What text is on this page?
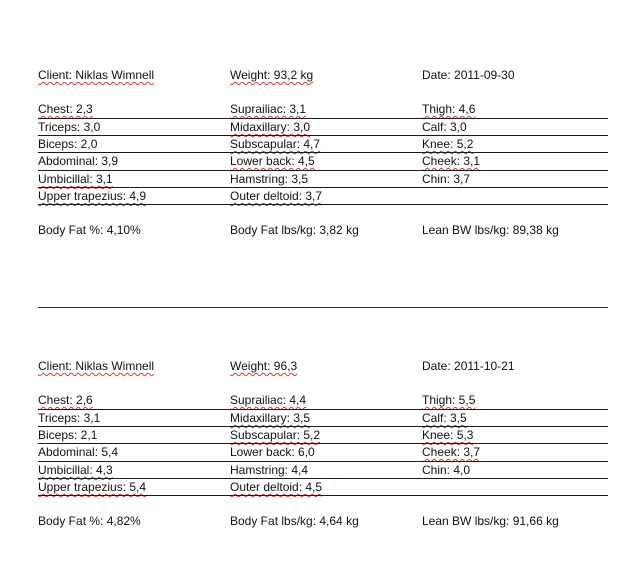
Client: Niklas Wimnell	Weight: 93,2 kg	Date: 2011-09-30
Chest: 2,3	Suprailiac: 3,1	Thigh: 4,6
Triceps: 3,0	Midaxillary: 3,0	Calf: 3,0
Biceps: 2,0	Subscapular: 4,7	Knee: 5,2
Abdominal: 3,9	Lower back: 4,5	Cheek: 3,1
Umbicillal: 3,1	Hamstring: 3,5	Chin: 3,7
Upper trapezius: 4,9	Outer deltoid: 3,7
Body Fat %: 4,10%	Body Fat lbs/kg: 3,82 kg	Lean BW lbs/kg: 89,38 kg
Client: Niklas Wimnell	Weight: 96,3	Date: 2011-10-21
Chest: 2,6	Suprailiac: 4,4	Thigh: 5,5
Triceps: 3,1	Midaxillary: 3,5	Calf: 3,5
Biceps: 2,1	Subscapular: 5,2	Knee: 5,3
Abdominal: 5,4	Lower back: 6,0	Cheek: 3,7
Umbicillal: 4,3	Hamstring: 4,4	Chin: 4,0
Upper trapezius: 5,4	Outer deltoid: 4,5
Body Fat %: 4,82%	Body Fat lbs/kg: 4,64 kg	Lean BW lbs/kg: 91,66 kg
